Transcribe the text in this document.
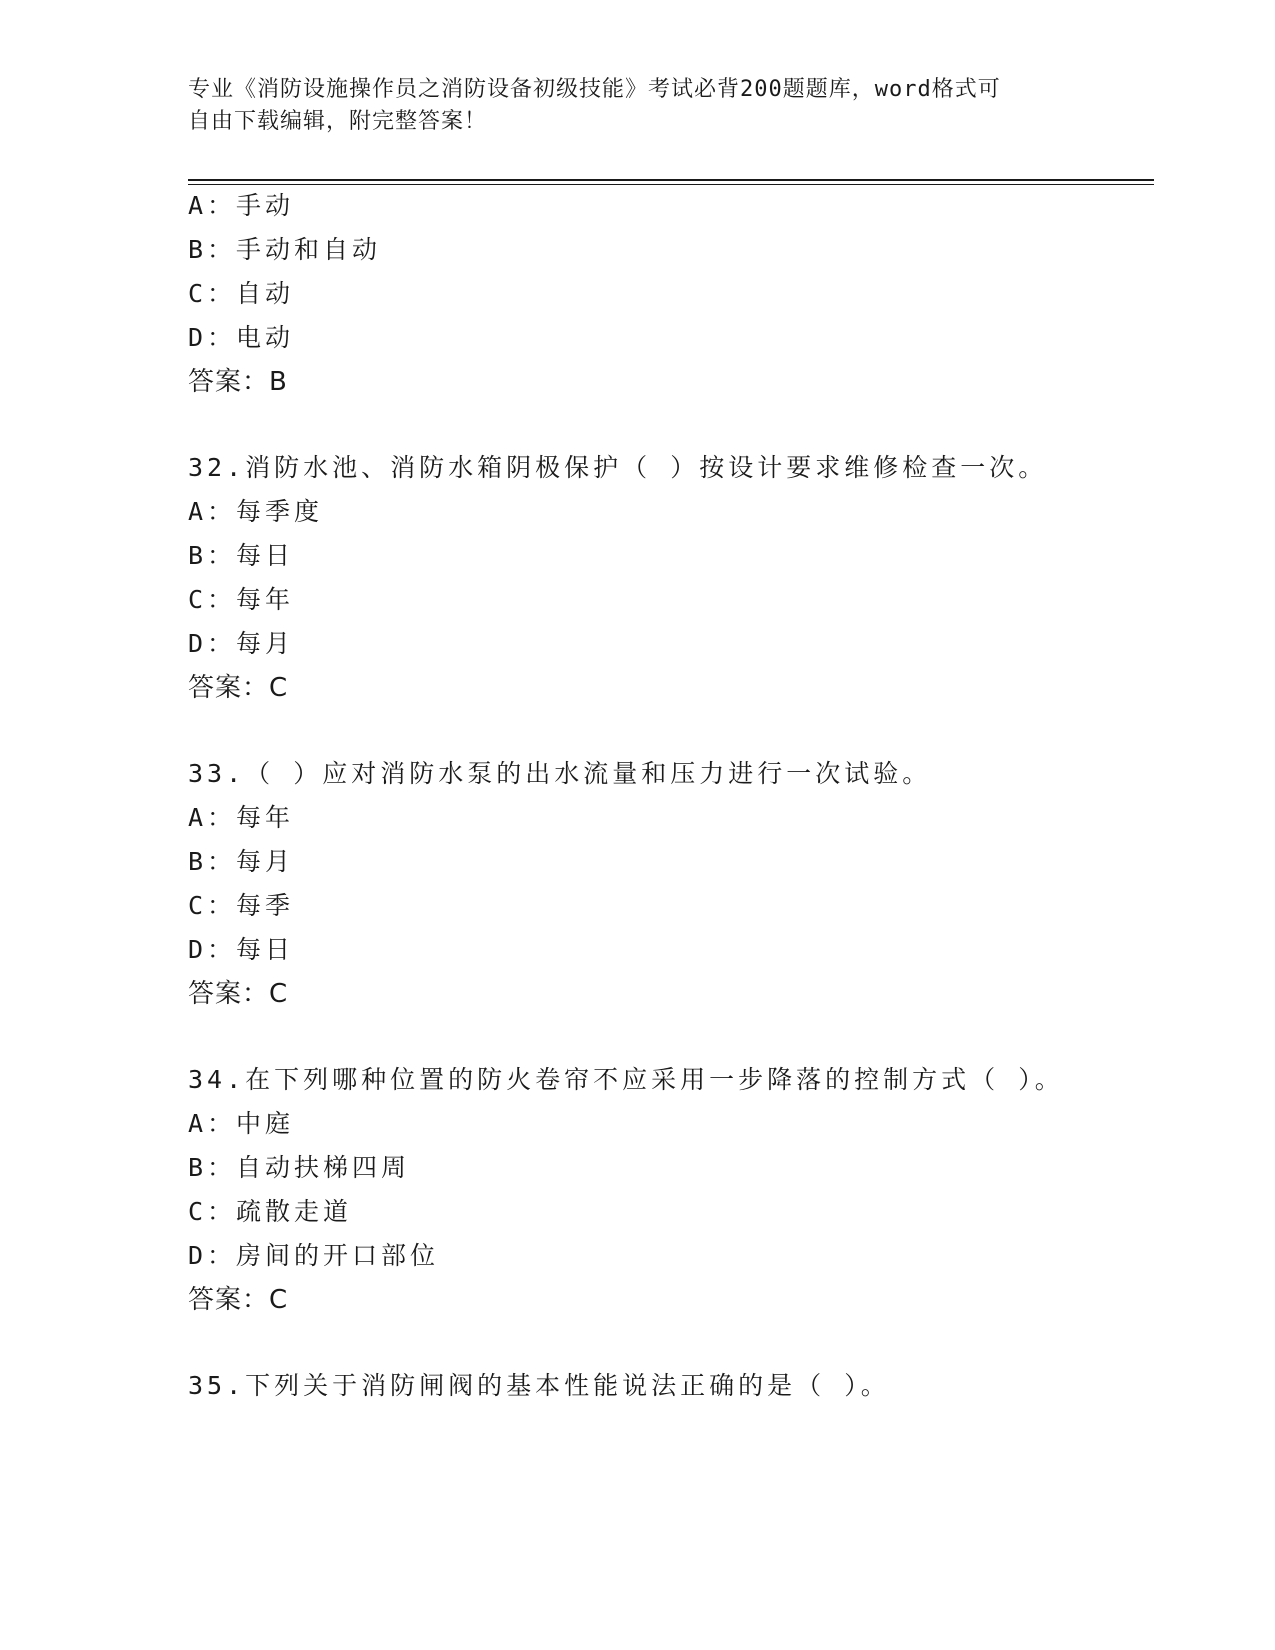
专业《消防设施操作员之消防设备初级技能》考试必背200题题库，word格式可
自由下载编辑，附完整答案！
A：手动
B：手动和自动
C：自动
D：电动
答案：B
32.消防水池、消防水箱阴极保护（ ）按设计要求维修检查一次。
A：每季度
B：每日
C：每年
D：每月
答案：C
33.（ ）应对消防水泵的出水流量和压力进行一次试验。
A：每年
B：每月
C：每季
D：每日
答案：C
34.在下列哪种位置的防火卷帘不应采用一步降落的控制方式（ ）。
A：中庭
B：自动扶梯四周
C：疏散走道
D：房间的开口部位
答案：C
35.下列关于消防闸阀的基本性能说法正确的是（ ）。
